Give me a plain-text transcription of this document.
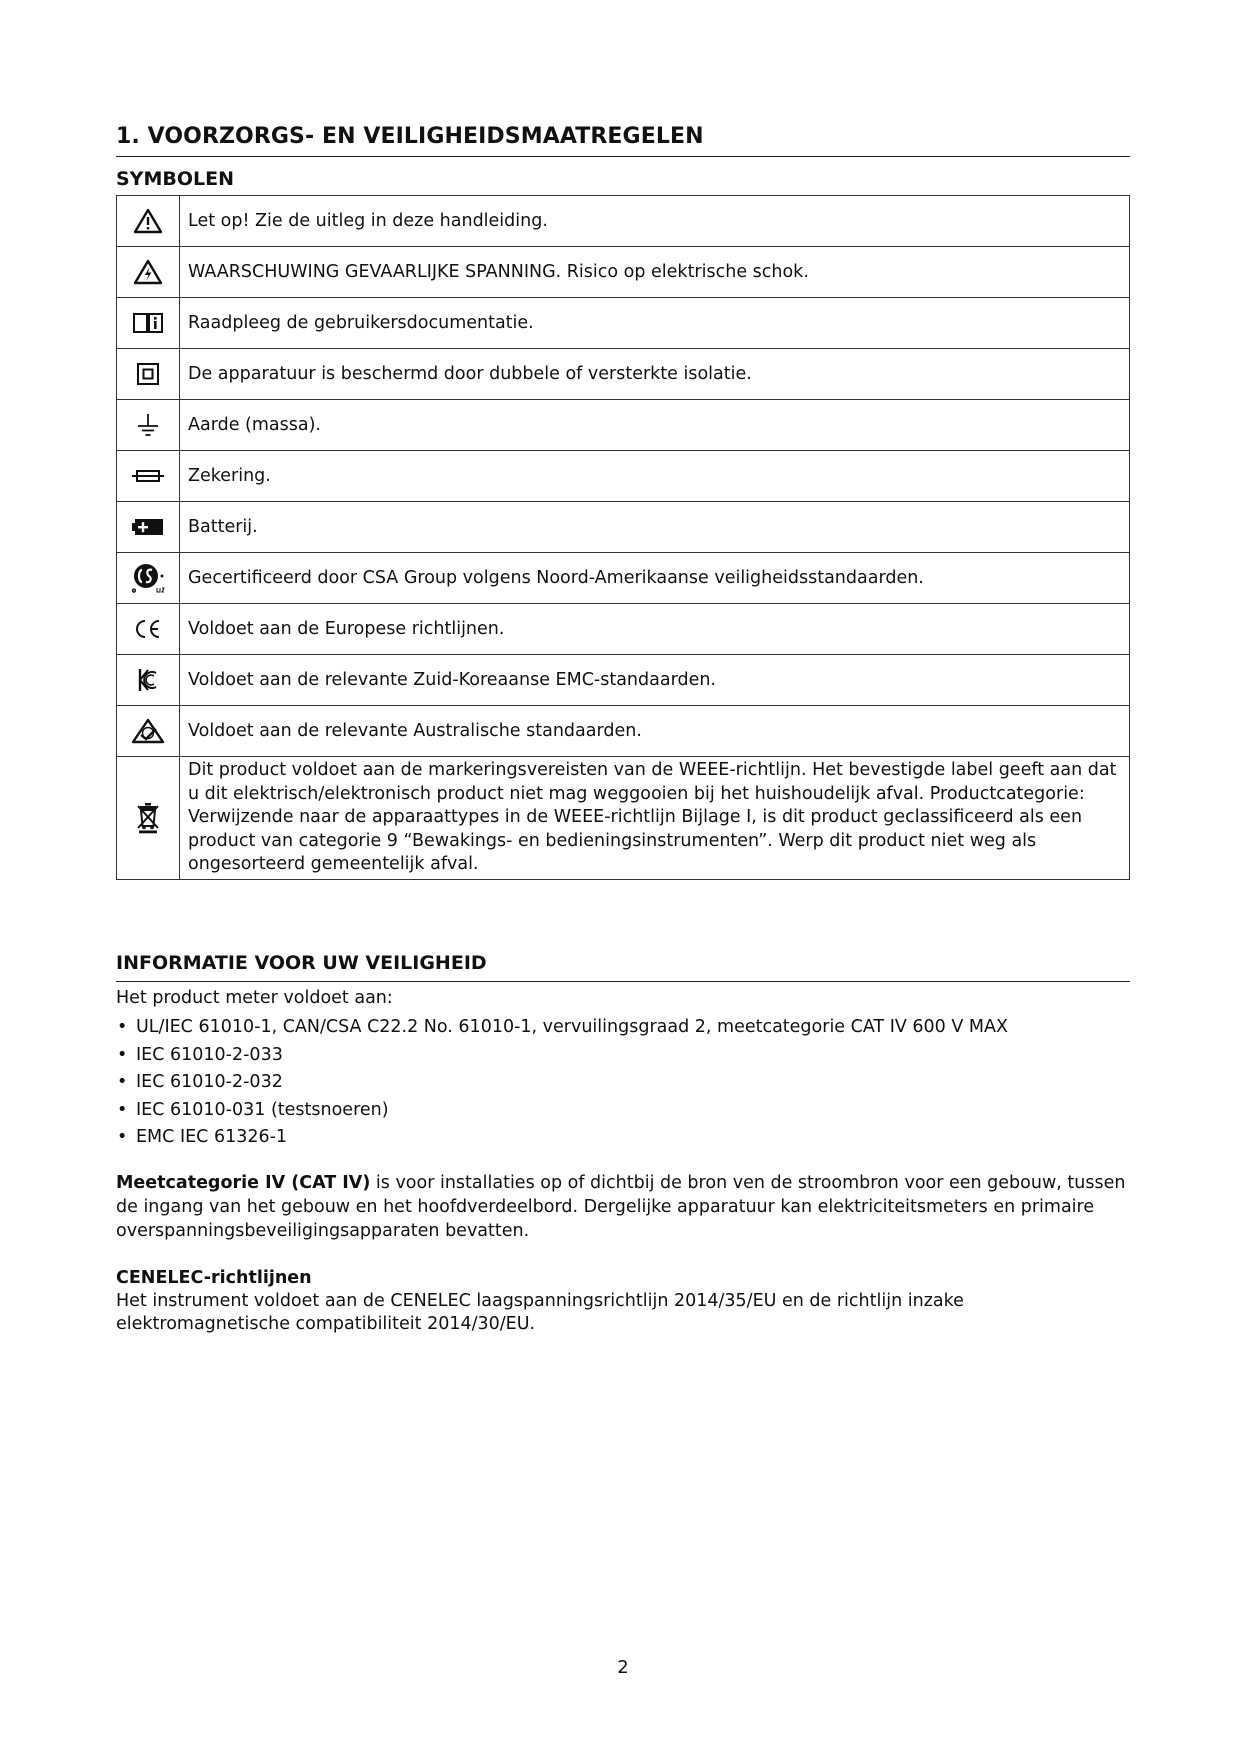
1. VOORZORGS- EN VEILIGHEIDSMAATREGELEN
SYMBOLEN
	Let op! Zie de uitleg in deze handleiding.
	WAARSCHUWING GEVAARLIJKE SPANNING. Risico op elektrische schok.
	Raadpleeg de gebruikersdocumentatie.
	De apparatuur is beschermd door dubbele of versterkte isolatie.
	Aarde (massa).
	Zekering.
	Batterij.
	Gecertificeerd door CSA Group volgens Noord-Amerikaanse veiligheidsstandaarden.
	Voldoet aan de Europese richtlijnen.
	Voldoet aan de relevante Zuid-Koreaanse EMC-standaarden.
	Voldoet aan de relevante Australische standaarden.
	Dit product voldoet aan de markeringsvereisten van de WEEE-richtlijn. Het bevestigde label geeft aan dat u dit elektrisch/elektronisch product niet mag weggooien bij het huishoudelijk afval. Productcategorie: Verwijzende naar de apparaattypes in de WEEE-richtlijn Bijlage I, is dit product geclassificeerd als een product van categorie 9 “Bewakings- en bedieningsinstrumenten”. Werp dit product niet weg als ongesorteerd gemeentelijk afval.
INFORMATIE VOOR UW VEILIGHEID
Het product meter voldoet aan:
• UL/IEC 61010-1, CAN/CSA C22.2 No. 61010-1, vervuilingsgraad 2, meetcategorie CAT IV 600 V MAX
• IEC 61010-2-033
• IEC 61010-2-032
• IEC 61010-031 (testsnoeren)
• EMC IEC 61326-1

Meetcategorie IV (CAT IV) is voor installaties op of dichtbij de bron ven de stroombron voor een gebouw, tussen de ingang van het gebouw en het hoofdverdeelbord. Dergelijke apparatuur kan elektriciteitsmeters en primaire overspanningsbeveiligingsapparaten bevatten.

CENELEC-richtlijnen

Het instrument voldoet aan de CENELEC laagspanningsrichtlijn 2014/35/EU en de richtlijn inzake elektromagnetische compatibiliteit 2014/30/EU.

2
